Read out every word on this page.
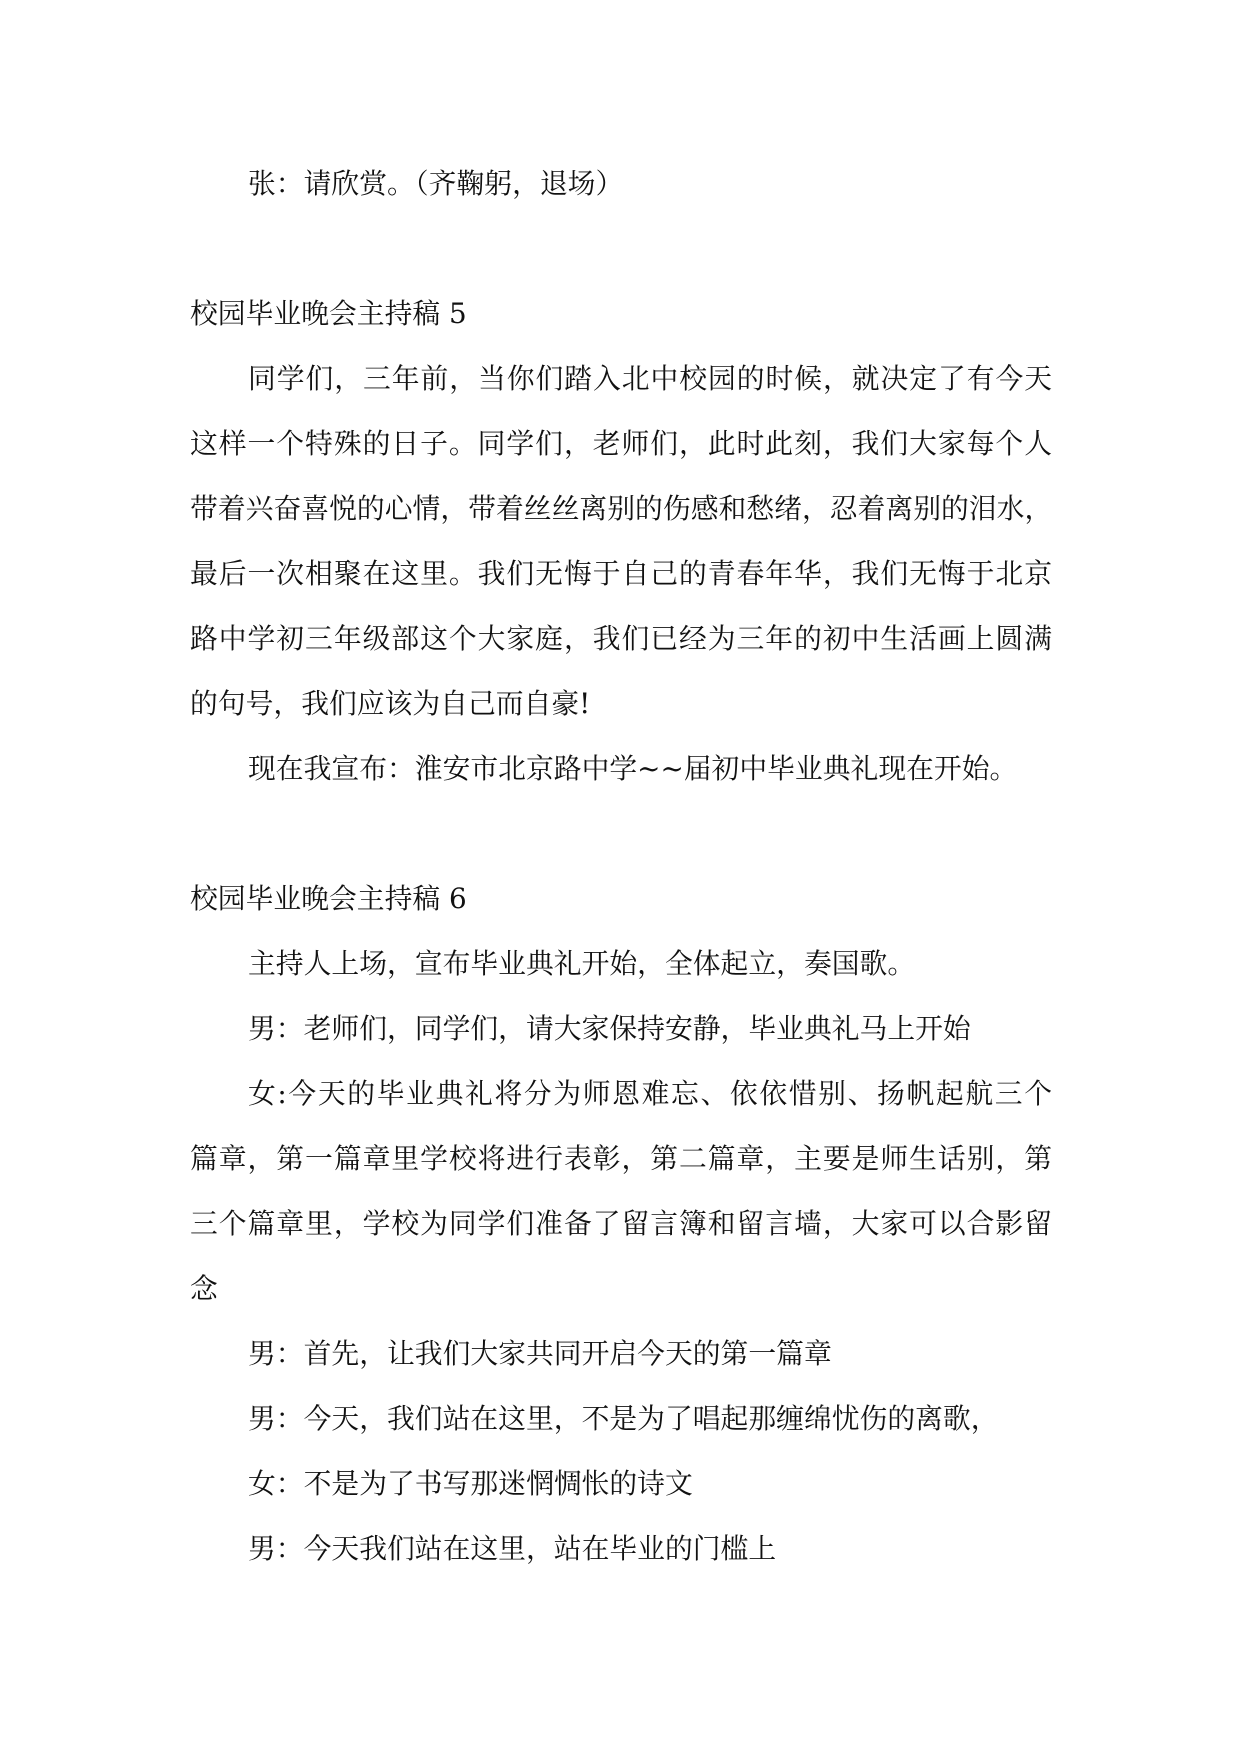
张：请欣赏。（齐鞠躬，退场）
校园毕业晚会主持稿 5
同学们，三年前，当你们踏入北中校园的时候，就决定了有今天
这样一个特殊的日子。同学们，老师们，此时此刻，我们大家每个人
带着兴奋喜悦的心情，带着丝丝离别的伤感和愁绪，忍着离别的泪水，
最后一次相聚在这里。我们无悔于自己的青春年华，我们无悔于北京
路中学初三年级部这个大家庭，我们已经为三年的初中生活画上圆满
的句号，我们应该为自己而自豪!
现在我宣布：淮安市北京路中学~~届初中毕业典礼现在开始。
校园毕业晚会主持稿 6
主持人上场，宣布毕业典礼开始，全体起立，奏国歌。
男：老师们，同学们，请大家保持安静，毕业典礼马上开始
女:今天的毕业典礼将分为师恩难忘、依依惜别、扬帆起航三个
篇章，第一篇章里学校将进行表彰，第二篇章，主要是师生话别，第
三个篇章里，学校为同学们准备了留言簿和留言墙，大家可以合影留
念
男：首先，让我们大家共同开启今天的第一篇章
男：今天，我们站在这里，不是为了唱起那缠绵忧伤的离歌，
女：不是为了书写那迷惘惆怅的诗文
男：今天我们站在这里，站在毕业的门槛上
